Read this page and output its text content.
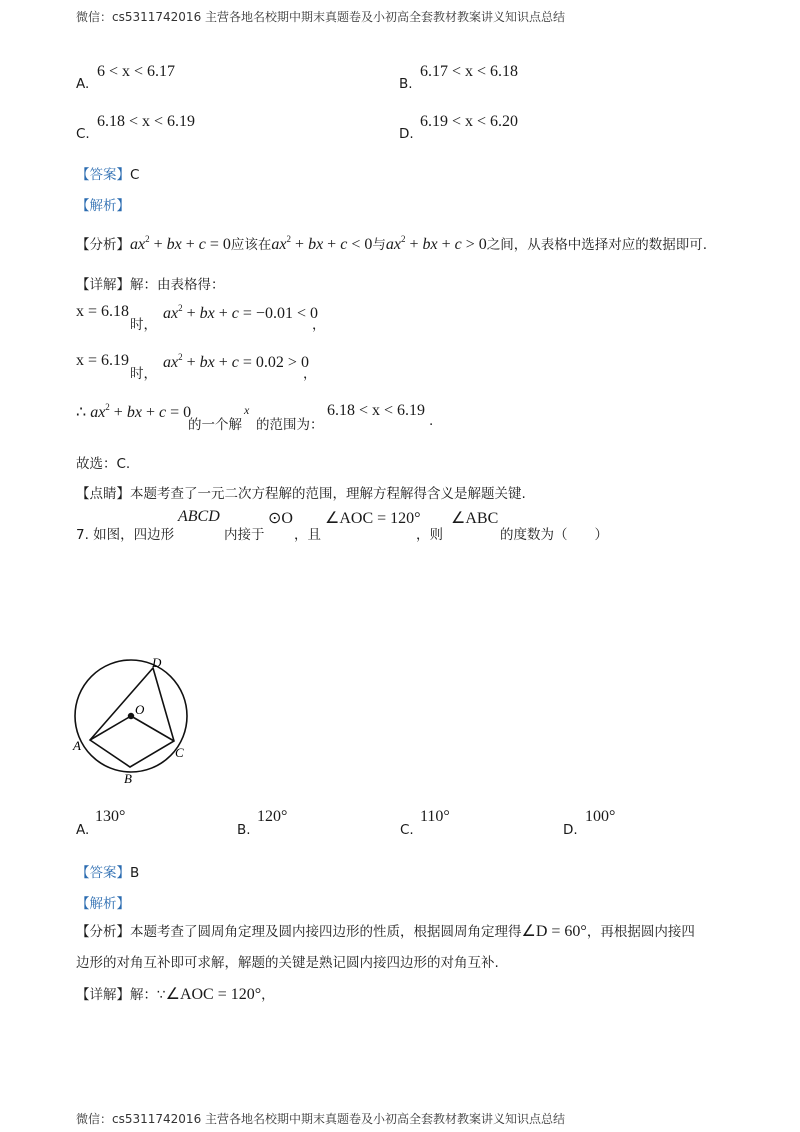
微信：cs5311742016 主营各地名校期中期末真题卷及小初高全套教材教案讲义知识点总结
A.
6 < x < 6.17
B.
6.17 < x < 6.18
C.
6.18 < x < 6.19
D.
6.19 < x < 6.20
【答案】C
【解析】
【分析】$ax^2$ + bx + c = 0应该在$ax^2$ + bx + c < 0与$ax^2$ + bx + c > 0之间，从表格中选择对应的数据即可.
【详解】解：由表格得：
x = 6.18
时，
$ax^2$ + bx + c = −0.01 < 0
，
x = 6.19
时，
$ax^2$ + bx + c = 0.02 > 0
，
∴ $ax^2$ + bx + c = 0
的一个解
x
的范围为：
6.18 < x < 6.19
.
故选：C.
【点睛】本题考查了一元二次方程解的范围，理解方程解得含义是解题关键.
7. 如图，四边形
ABCD
内接于
⊙O
，且
∠AOC = 120°
，则
∠ABC
的度数为（　　）
D
O
A	C
B
A.
130°
B.
120°
C.
110°
D.
100°
【答案】B
【解析】
【分析】本题考查了圆周角定理及圆内接四边形的性质，根据圆周角定理得∠D = 60°，再根据圆内接四
边形的对角互补即可求解，解题的关键是熟记圆内接四边形的对角互补.
【详解】解：∵∠AOC = 120°，
微信：cs5311742016 主营各地名校期中期末真题卷及小初高全套教材教案讲义知识点总结
